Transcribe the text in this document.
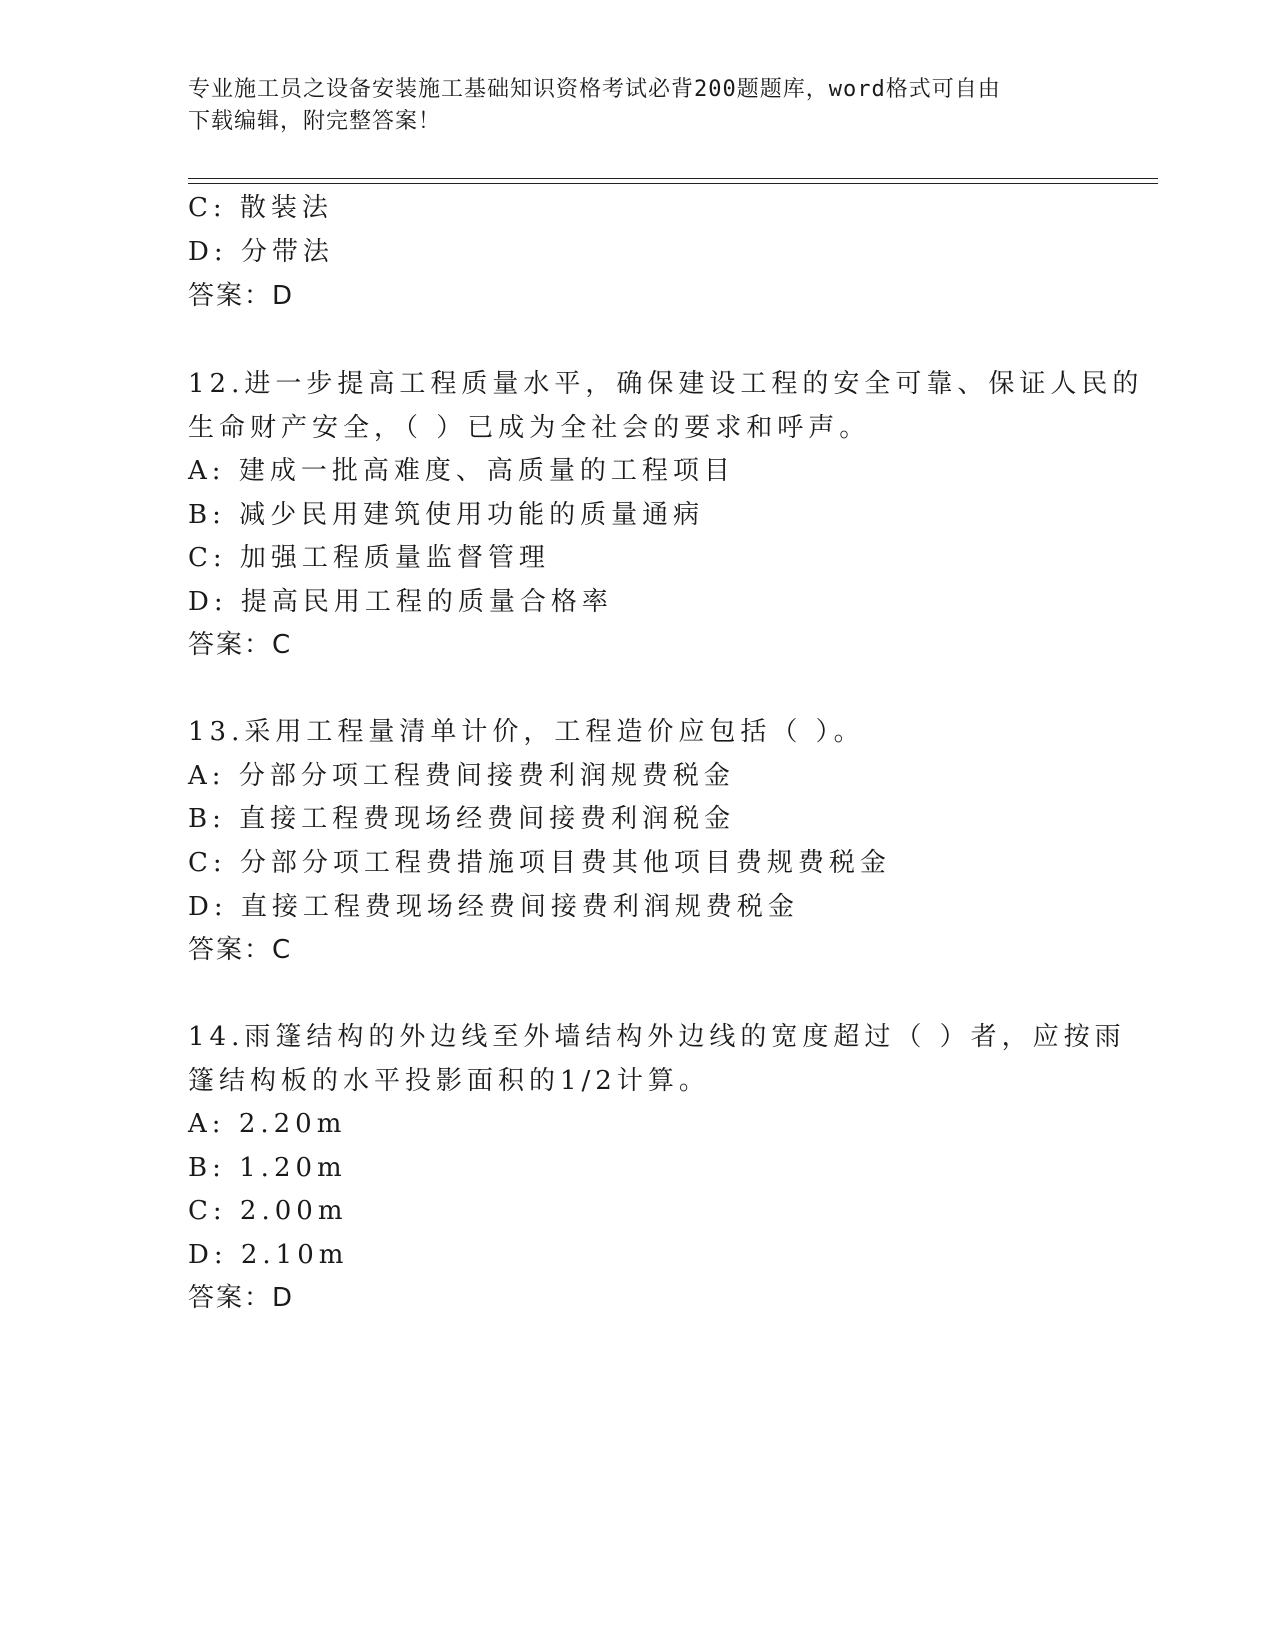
专业施工员之设备安装施工基础知识资格考试必背200题题库，word格式可自由
下载编辑，附完整答案！
C: 散装法
D: 分带法
答案：D
12.进一步提高工程质量水平，确保建设工程的安全可靠、保证人民的
生命财产安全，（ ）已成为全社会的要求和呼声。
A: 建成一批高难度、高质量的工程项目
B: 减少民用建筑使用功能的质量通病
C: 加强工程质量监督管理
D: 提高民用工程的质量合格率
答案：C
13.采用工程量清单计价，工程造价应包括（ ）。
A: 分部分项工程费间接费利润规费税金
B: 直接工程费现场经费间接费利润税金
C: 分部分项工程费措施项目费其他项目费规费税金
D: 直接工程费现场经费间接费利润规费税金
答案：C
14.雨篷结构的外边线至外墙结构外边线的宽度超过（ ）者，应按雨
篷结构板的水平投影面积的1/2计算。
A: 2.20m
B: 1.20m
C: 2.00m
D: 2.10m
答案：D
